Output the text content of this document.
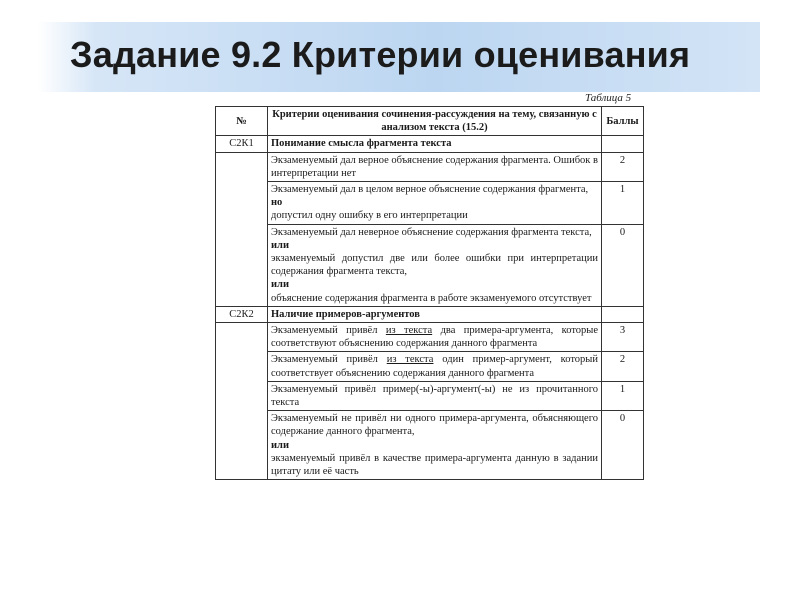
Задание 9.2 Критерии оценивания
Таблица 5
№	Критерии оценивания сочинения-рассуждения на тему, связанную с анализом текста (15.2)	Баллы
С2К1	Понимание смысла фрагмента текста	
	Экзаменуемый дал верное объяснение содержания фрагмента. Ошибок в интерпретации нет	2

	Экзаменуемый дал в целом верное объяснение содержания фрагмента,
но
допустил одну ошибку в его интерпретации	1

	Экзаменуемый дал неверное объяснение содержания фрагмента текста,
или
экзаменуемый допустил две или более ошибки при интерпретации содержания фрагмента текста,
или
объяснение содержания фрагмента в работе экзаменуемого отсутствует	0
С2К2	Наличие примеров-аргументов	
	Экзаменуемый привёл из текста два примера-аргумента, которые соответствуют объяснению содержания данного фрагмента	3
	Экзаменуемый привёл из текста один пример-аргумент, который соответствует объяснению содержания данного фрагмента	2
	Экзаменуемый привёл пример(-ы)-аргумент(-ы) не из прочитанного текста	1

	Экзаменуемый не привёл ни одного примера-аргумента, объясняющего содержание данного фрагмента,
или
экзаменуемый привёл в качестве примера-аргумента данную в задании цитату или её часть	0
